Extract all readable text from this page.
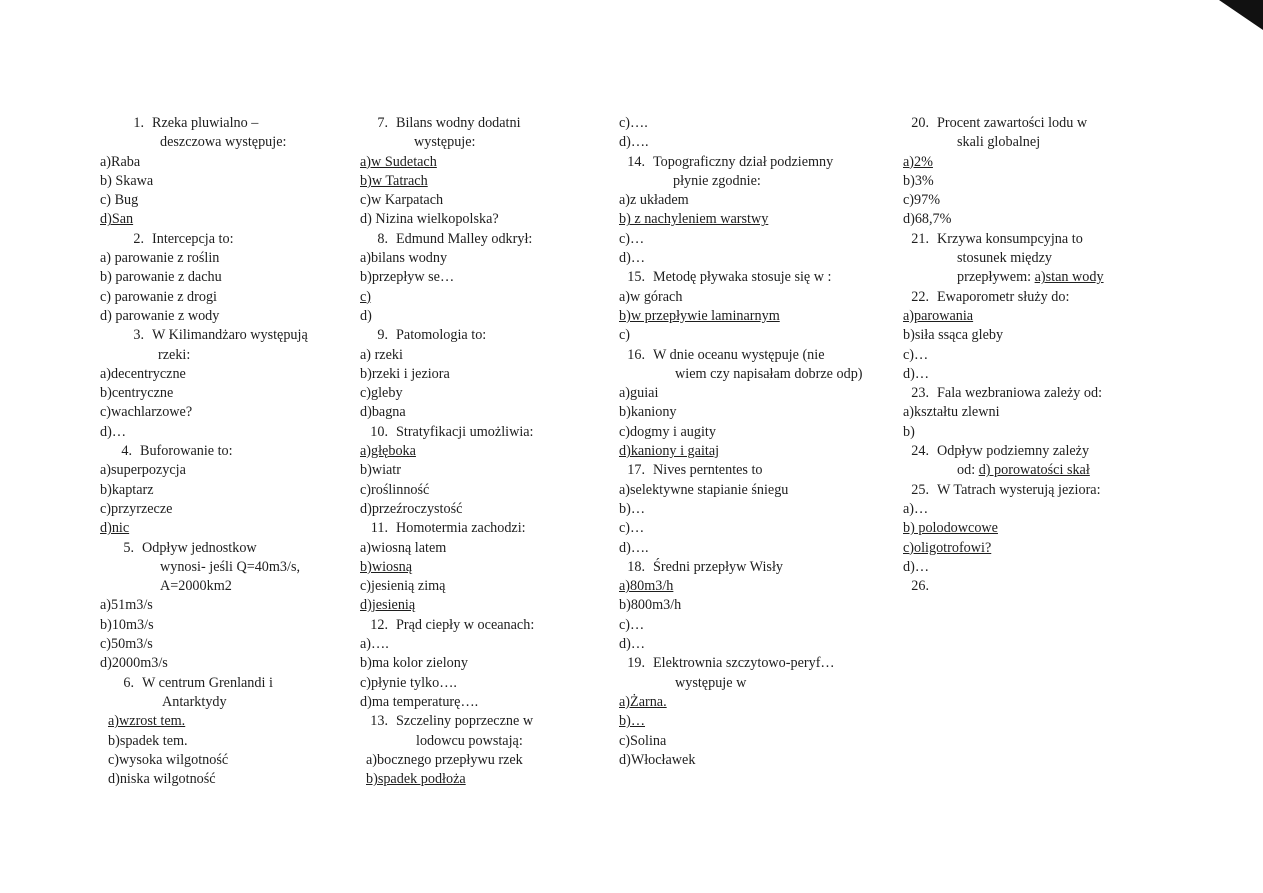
1. Rzeka pluwialno –
deszczowa występuje:
a)Raba
b) Skawa
c) Bug
d)San
2. Intercepcja to:
a) parowanie z roślin
b) parowanie z dachu
c) parowanie z drogi
d) parowanie z wody
3. W Kilimandżaro występują
rzeki:
a)decentryczne
b)centryczne
c)wachlarzowe?
d)…
4. Buforowanie to:
a)superpozycja
b)kaptarz
c)przyrzecze
d)nic
5. Odpływ jednostkow
wynosi- jeśli Q=40m3/s,
A=2000km2
a)51m3/s
b)10m3/s
c)50m3/s
d)2000m3/s
6. W centrum Grenlandi i
Antarktydy
a)wzrost tem.
b)spadek tem.
c)wysoka wilgotność
d)niska wilgotność
7. Bilans wodny dodatni
występuje:
a)w Sudetach
b)w Tatrach
c)w Karpatach
d) Nizina wielkopolska?
8. Edmund Malley odkrył:
a)bilans wodny
b)przepływ se…
c)
d)
9. Patomologia to:
a) rzeki
b)rzeki i jeziora
c)gleby
d)bagna
10. Stratyfikacji umożliwia:
a)głęboka
b)wiatr
c)roślinność
d)przeźroczystość
11. Homotermia zachodzi:
a)wiosną latem
b)wiosną
c)jesienią zimą
d)jesienią
12. Prąd ciepły w oceanach:
a)….
b)ma kolor zielony
c)płynie tylko….
d)ma temperaturę….
13. Szczeliny poprzeczne w
lodowcu powstają:
a)bocznego przepływu rzek
b)spadek podłoża
c)….
d)….
14. Topograficzny dział podziemny
płynie zgodnie:
a)z układem
b) z nachyleniem warstwy
c)…
d)…
15. Metodę pływaka stosuje się w :
a)w górach
b)w przepływie laminarnym
c)
16. W dnie oceanu występuje (nie
wiem czy napisałam dobrze odp)
a)guiai
b)kaniony
c)dogmy i augity
d)kaniony i gaitaj
17. Nives perntentes to
a)selektywne stapianie śniegu
b)…
c)…
d)….
18. Średni przepływ Wisły
a)80m3/h
b)800m3/h
c)…
d)…
19. Elektrownia szczytowo-peryf…
występuje w
a)Żarna.
b)…
c)Solina
d)Włocławek
20. Procent zawartości lodu w
skali globalnej
a)2%
b)3%
c)97%
d)68,7%
21. Krzywa konsumpcyjna to
stosunek między
przepływem: a)stan wody
22. Ewaporometr służy do:
a)parowania
b)siła ssąca gleby
c)…
d)…
23. Fala wezbraniowa zależy od:
a)kształtu zlewni
b)
24. Odpływ podziemny zależy
od: d) porowatości skał
25. W Tatrach wysterują jeziora:
a)…
b) polodowcowe
c)oligotrofowi?
d)…
26.
